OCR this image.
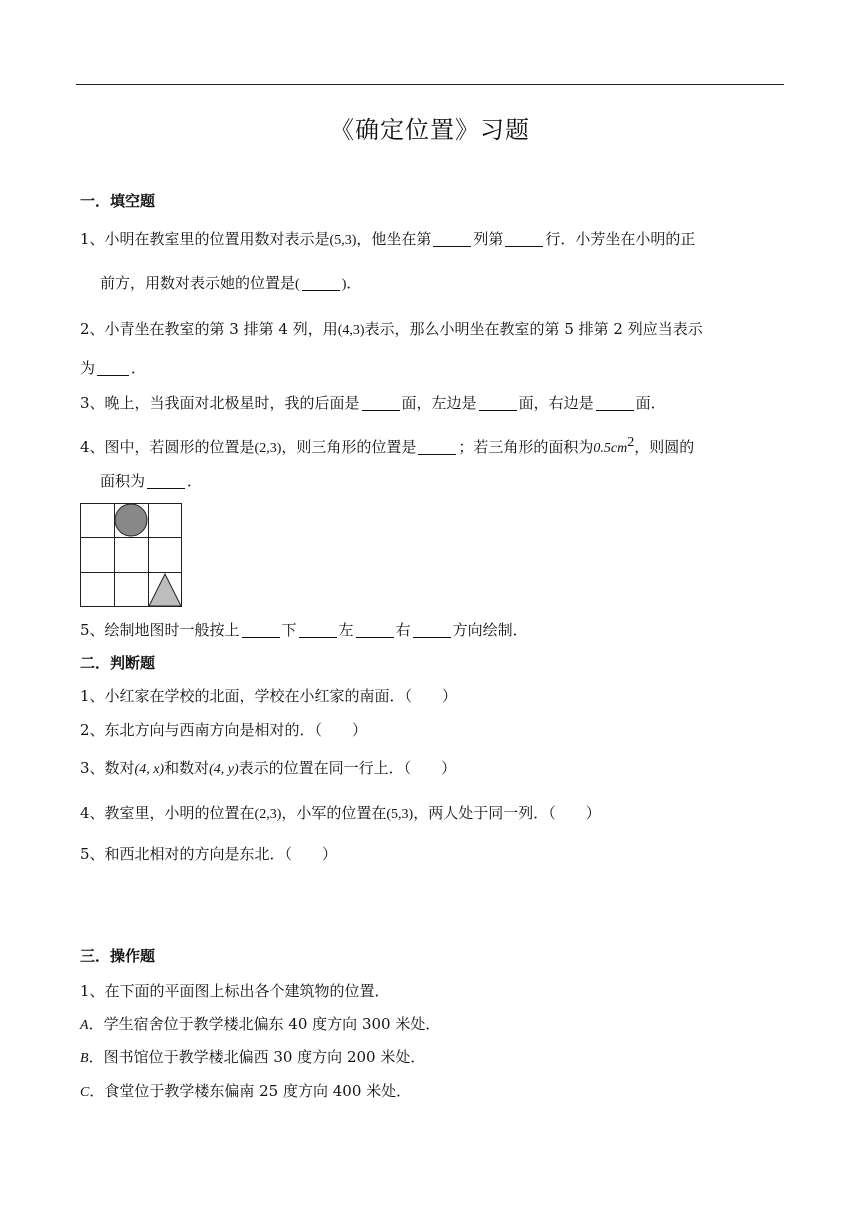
《确定位置》习题
一．填空题
1、小明在教室里的位置用数对表示是(5,3)，他坐在第	列第	行．小芳坐在小明的正
前方，用数对表示她的位置是(	)．
2、小青坐在教室的第 3 排第 4 列，用(4,3)表示，那么小明坐在教室的第 5 排第 2 列应当表示
为 ．
3、晚上，当我面对北极星时，我的后面是	面，左边是	面，右边是	面．
4、图中，若圆形的位置是(2,3)，则三角形的位置是	；若三角形的面积为$0.5cm^2$，则圆的
面积为	．
5、绘制地图时一般按上	下	左	右	方向绘制．
二．判断题
1、小红家在学校的北面，学校在小红家的南面．（　　）
2、东北方向与西南方向是相对的．（　　）
3、数对(4, x)和数对(4, y)表示的位置在同一行上．（　　）
4、教室里，小明的位置在(2,3)，小军的位置在(5,3)，两人处于同一列．（　　）
5、和西北相对的方向是东北．（　　）
三．操作题
1、在下面的平面图上标出各个建筑物的位置．
A．学生宿舍位于教学楼北偏东 40 度方向 300 米处．
B．图书馆位于教学楼北偏西 30 度方向 200 米处．
C．食堂位于教学楼东偏南 25 度方向 400 米处．
